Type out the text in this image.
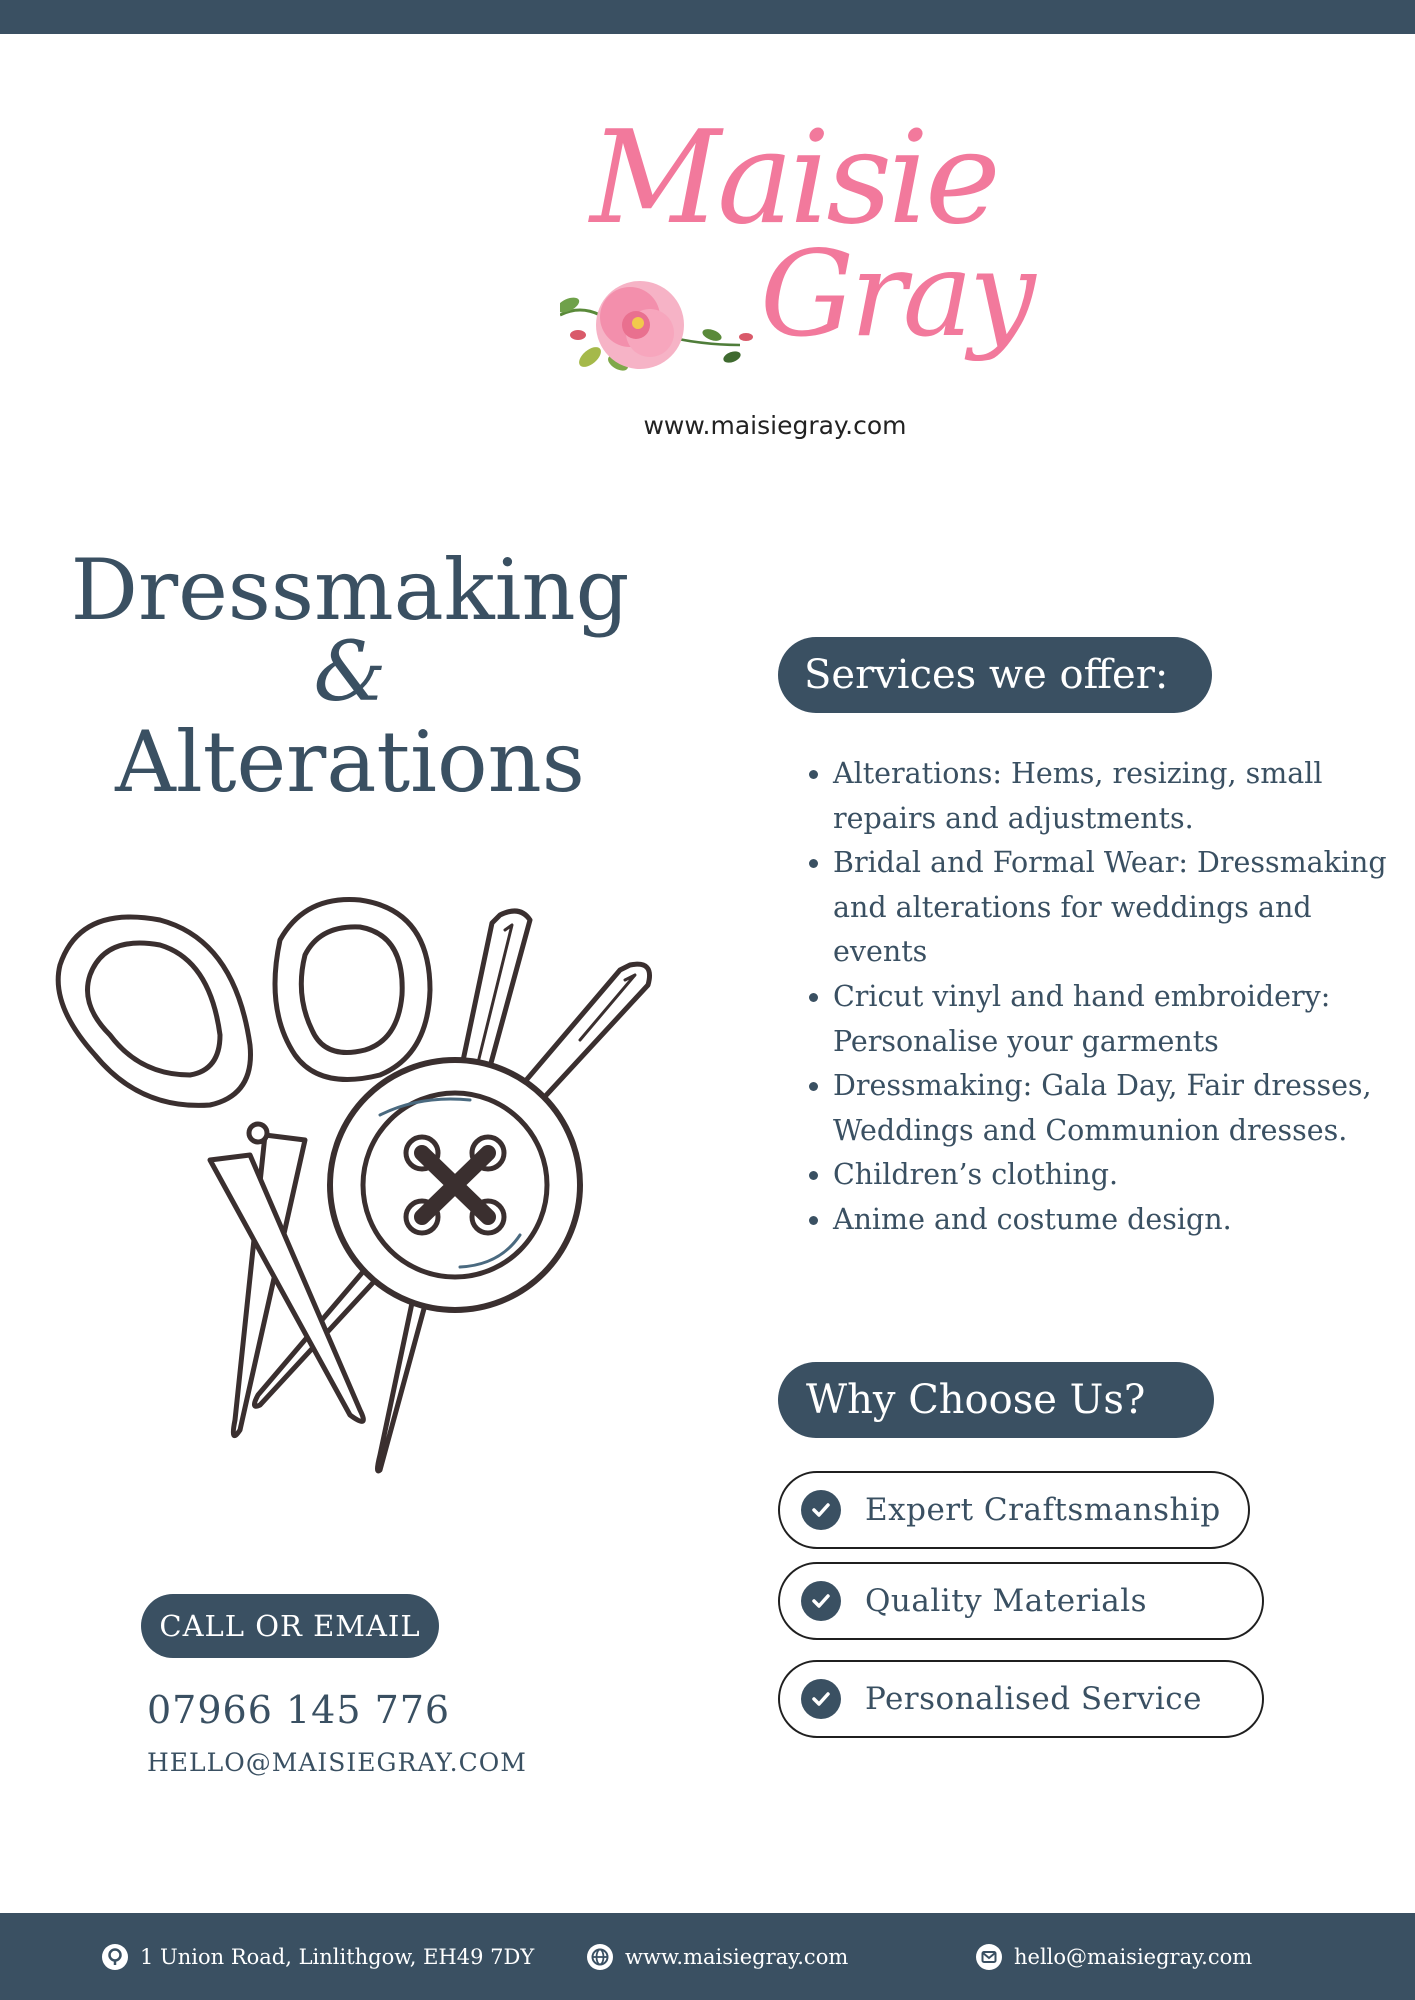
Maisie
Gray
www.maisiegray.com
Dressmaking
&
Alterations
CALL OR EMAIL
07966 145 776
HELLO@MAISIEGRAY.COM
Services we offer:
• Alterations: Hems, resizing, small repairs and adjustments.
• Bridal and Formal Wear: Dressmaking and alterations for weddings and events
• Cricut vinyl and hand embroidery: Personalise your garments
• Dressmaking: Gala Day, Fair dresses, Weddings and Communion dresses.
• Children’s clothing.
• Anime and costume design.
Why Choose Us?
Expert Craftsmanship
Quality Materials
Personalised Service
1 Union Road, Linlithgow, EH49 7DY	www.maisiegray.com	hello@maisiegray.com
